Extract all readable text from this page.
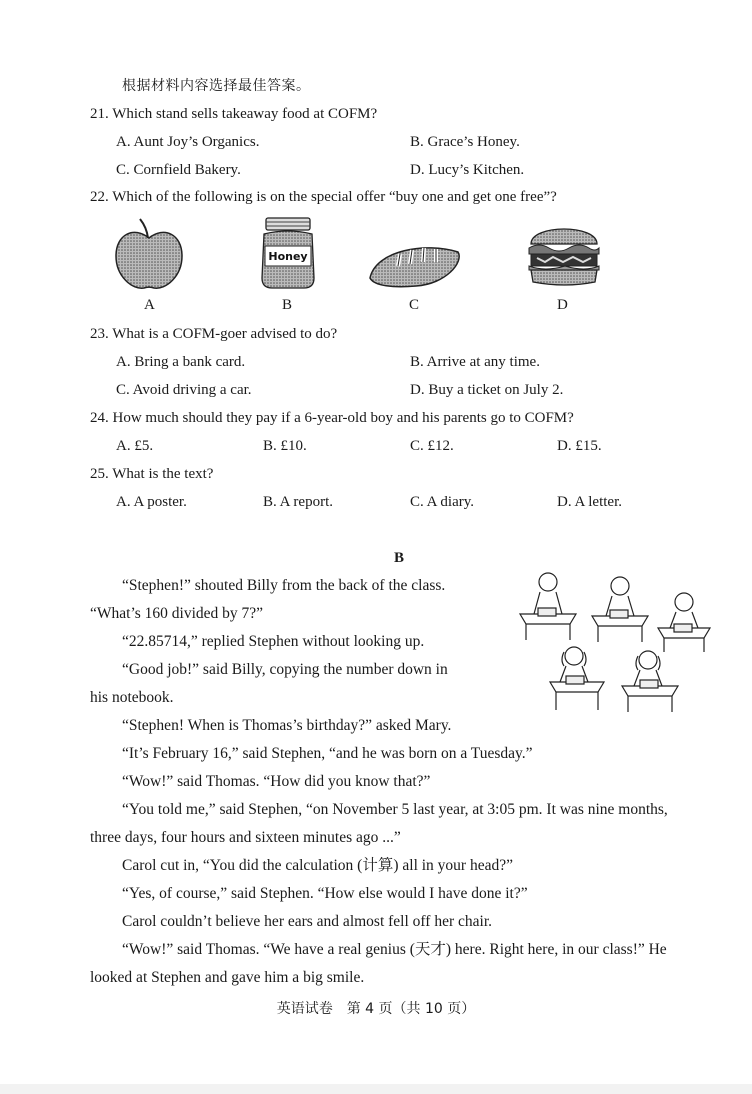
根据材料内容选择最佳答案。
21. Which stand sells takeaway food at COFM?
A. Aunt Joy’s Organics.	B. Grace’s Honey.
C. Cornfield Bakery.	D. Lucy’s Kitchen.
22. Which of the following is on the special offer “buy one and get one free”?
Honey
A	B	C	D
23. What is a COFM-goer advised to do?
A. Bring a bank card.	B. Arrive at any time.
C. Avoid driving a car.	D. Buy a ticket on July 2.
24. How much should they pay if a 6-year-old boy and his parents go to COFM?
A. £5.	B. £10.	C. £12.	D. £15.
25. What is the text?
A. A poster.	B. A report.	C. A diary.	D. A letter.
B
“Stephen!” shouted Billy from the back of the class.
“What’s 160 divided by 7?”
“22.85714,” replied Stephen without looking up.
“Good job!” said Billy, copying the number down in
his notebook.
“Stephen! When is Thomas’s birthday?” asked Mary.
“It’s February 16,” said Stephen, “and he was born on a Tuesday.”
“Wow!” said Thomas. “How did you know that?”
“You told me,” said Stephen, “on November 5 last year, at 3:05 pm. It was nine months,
three days, four hours and sixteen minutes ago ...”
Carol cut in, “You did the calculation (计算) all in your head?”
“Yes, of course,” said Stephen. “How else would I have done it?”
Carol couldn’t believe her ears and almost fell off her chair.
“Wow!” said Thomas. “We have a real genius (天才) here. Right here, in our class!” He
looked at Stephen and gave him a big smile.
英语试卷　第 4 页（共 10 页）
